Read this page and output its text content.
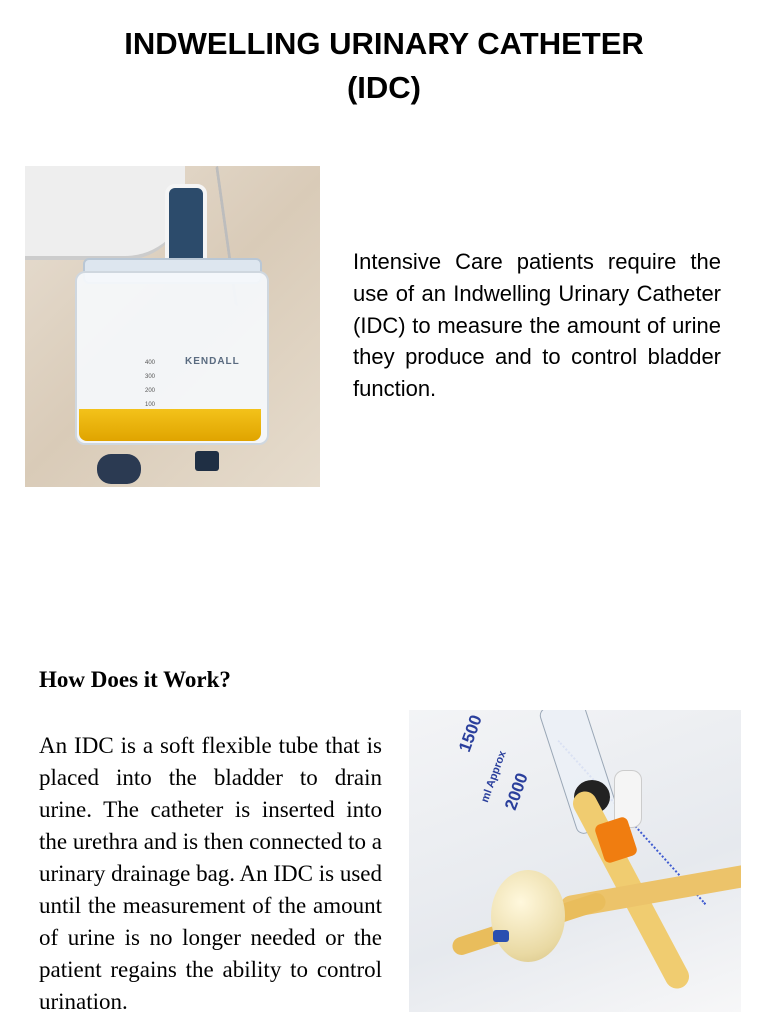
INDWELLING URINARY CATHETER
(IDC)
400
300
200
100
KENDALL

Intensive Care patients require the use of an Indwelling Urinary Catheter (IDC) to measure the amount of urine they produce and to control bladder function.

How Does it Work?

An IDC is a soft flexible tube that is placed into the bladder to drain urine. The catheter is inserted into the urethra and is then connected to a urinary drainage bag. An IDC is used until the measurement of the amount of urine is no longer needed or the patient regains the ability to control urination.

1500
2000
ml Approx
